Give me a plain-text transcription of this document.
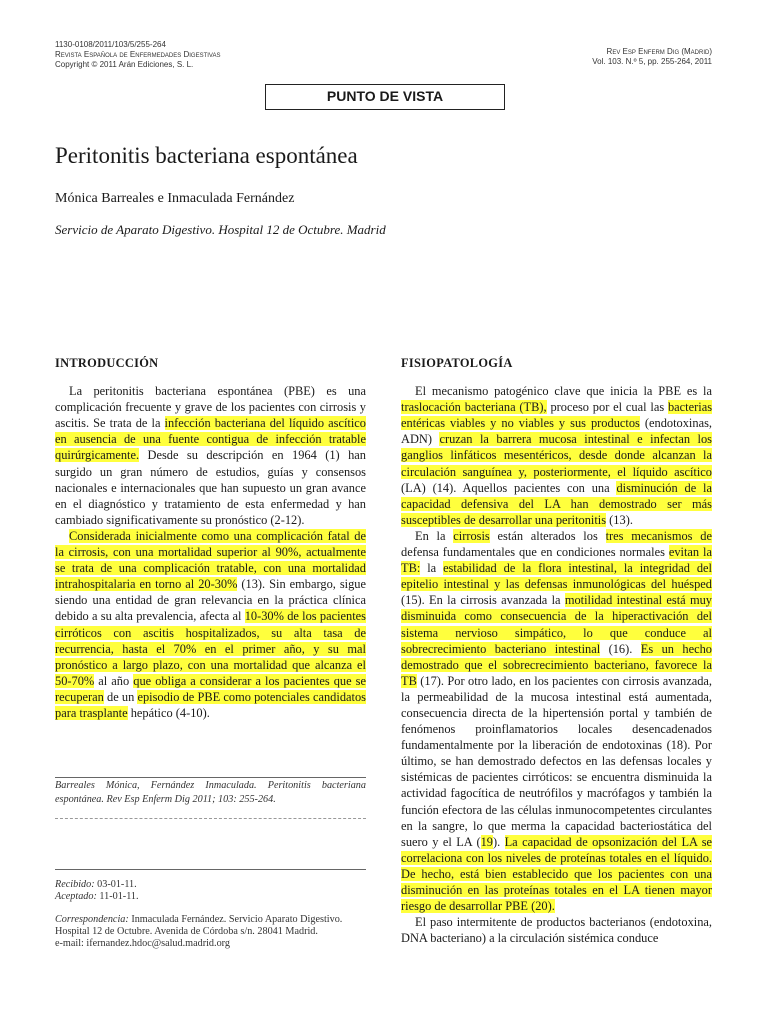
1130-0108/2011/103/5/255-264
Revista Española de Enfermedades Digestivas
Copyright © 2011 Arán Ediciones, S. L.
Rev Esp Enferm Dig (Madrid)
Vol. 103. N.º 5, pp. 255-264, 2011
PUNTO DE VISTA
Peritonitis bacteriana espontánea
Mónica Barreales e Inmaculada Fernández
Servicio de Aparato Digestivo. Hospital 12 de Octubre. Madrid
INTRODUCCIÓN

La peritonitis bacteriana espontánea (PBE) es una complicación frecuente y grave de los pacientes con cirrosis y ascitis. Se trata de la infección bacteriana del líquido ascítico en ausencia de una fuente contigua de infección tratable quirúrgicamente. Desde su descripción en 1964 (1) han surgido un gran número de estudios, guías y consensos nacionales e internacionales que han supuesto un gran avance en el diagnóstico y tratamiento de esta enfermedad y han cambiado significativamente su pronóstico (2-12).

Considerada inicialmente como una complicación fatal de la cirrosis, con una mortalidad superior al 90%, actualmente se trata de una complicación tratable, con una mortalidad intrahospitalaria en torno al 20-30% (13). Sin embargo, sigue siendo una entidad de gran relevancia en la práctica clínica debido a su alta prevalencia, afecta al 10-30% de los pacientes cirróticos con ascitis hospitalizados, su alta tasa de recurrencia, hasta el 70% en el primer año, y su mal pronóstico a largo plazo, con una mortalidad que alcanza el 50-70% al año que obliga a considerar a los pacientes que se recuperan de un episodio de PBE como potenciales candidatos para trasplante hepático (4-10).

Barreales Mónica, Fernández Inmaculada. Peritonitis bacteriana espontánea. Rev Esp Enferm Dig 2011; 103: 255-264.
Recibido: 03-01-11.
Aceptado: 11-01-11.
Correspondencia: Inmaculada Fernández. Servicio Aparato Digestivo. Hospital 12 de Octubre. Avenida de Córdoba s/n. 28041 Madrid.
e-mail: ifernandez.hdoc@salud.madrid.org
FISIOPATOLOGÍA

El mecanismo patogénico clave que inicia la PBE es la traslocación bacteriana (TB), proceso por el cual las bacterias entéricas viables y no viables y sus productos (endotoxinas, ADN) cruzan la barrera mucosa intestinal e infectan los ganglios linfáticos mesentéricos, desde donde alcanzan la circulación sanguínea y, posteriormente, el líquido ascítico (LA) (14). Aquellos pacientes con una disminución de la capacidad defensiva del LA han demostrado ser más susceptibles de desarrollar una peritonitis (13).

En la cirrosis están alterados los tres mecanismos de defensa fundamentales que en condiciones normales evitan la TB: la estabilidad de la flora intestinal, la integridad del epitelio intestinal y las defensas inmunológicas del huésped (15). En la cirrosis avanzada la motilidad intestinal está muy disminuida como consecuencia de la hiperactivación del sistema nervioso simpático, lo que conduce al sobrecrecimiento bacteriano intestinal (16). Es un hecho demostrado que el sobrecrecimiento bacteriano, favorece la TB (17). Por otro lado, en los pacientes con cirrosis avanzada, la permeabilidad de la mucosa intestinal está aumentada, consecuencia directa de la hipertensión portal y también de fenómenos proinflamatorios locales desencadenados fundamentalmente por la liberación de endotoxinas (18). Por último, se han demostrado defectos en las defensas locales y sistémicas de pacientes cirróticos: se encuentra disminuida la actividad fagocítica de neutrófilos y macrófagos y también la función efectora de las células inmunocompetentes circulantes en la sangre, lo que merma la capacidad bacteriostática del suero y el LA (19). La capacidad de opsonización del LA se correlaciona con los niveles de proteínas totales en el líquido. De hecho, está bien establecido que los pacientes con una disminución en las proteínas totales en el LA tienen mayor riesgo de desarrollar PBE (20).

El paso intermitente de productos bacterianos (endotoxina, DNA bacteriano) a la circulación sistémica conduce
